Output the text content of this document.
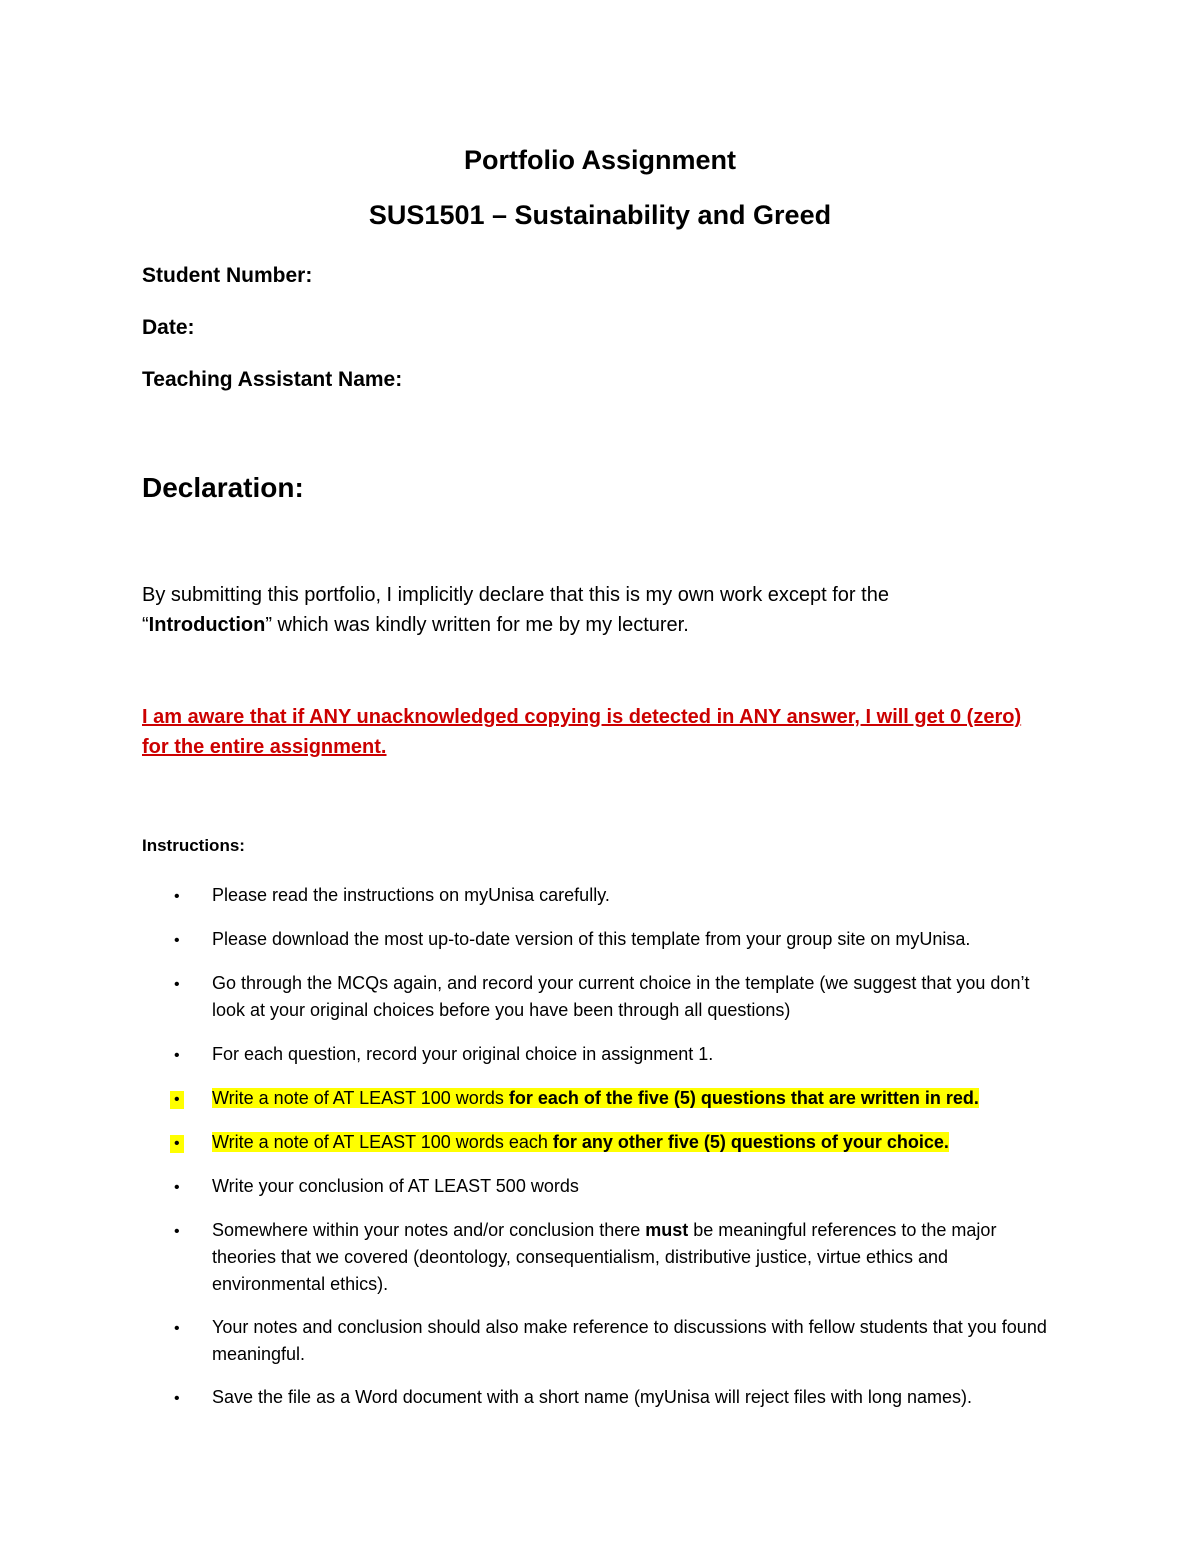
Portfolio Assignment
SUS1501 – Sustainability and Greed
Student Number:
Date:
Teaching Assistant Name:
Declaration:
By submitting this portfolio, I implicitly declare that this is my own work except for the
“Introduction” which was kindly written for me by my lecturer.
I am aware that if ANY unacknowledged copying is detected in ANY answer, I will get 0 (zero)
for the entire assignment.
Instructions:
• Please read the instructions on myUnisa carefully.
• Please download the most up-to-date version of this template from your group site on myUnisa.
• Go through the MCQs again, and record your current choice in the template (we suggest that you don’t look at your original choices before you have been through all questions)
• For each question, record your original choice in assignment 1.
• Write a note of AT LEAST 100 words for each of the five (5) questions that are written in red.
• Write a note of AT LEAST 100 words each for any other five (5) questions of your choice.
• Write your conclusion of AT LEAST 500 words
• Somewhere within your notes and/or conclusion there must be meaningful references to the major theories that we covered (deontology, consequentialism, distributive justice, virtue ethics and environmental ethics).
• Your notes and conclusion should also make reference to discussions with fellow students that you found meaningful.
• Save the file as a Word document with a short name (myUnisa will reject files with long names).
